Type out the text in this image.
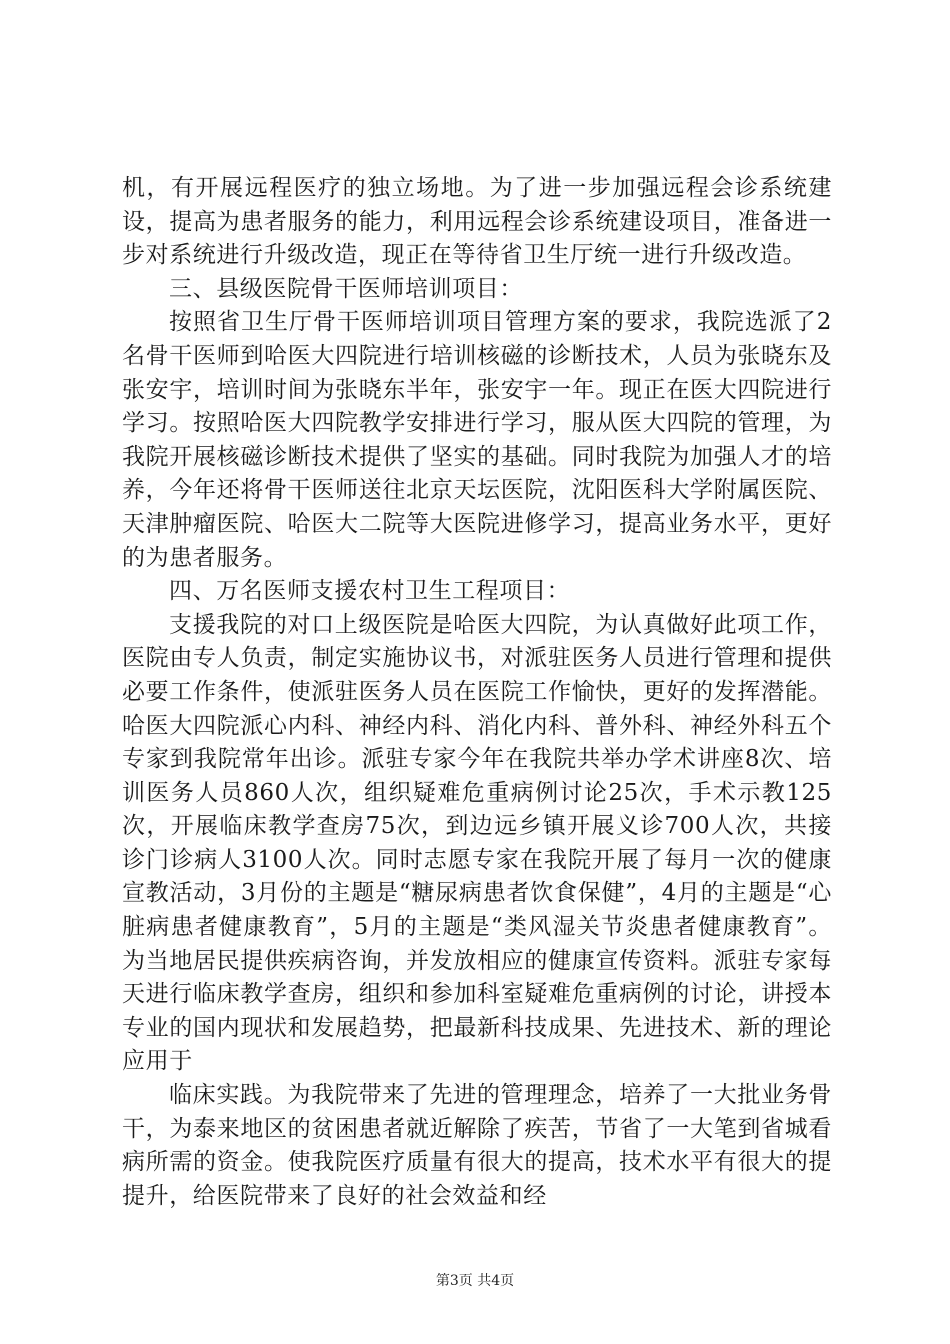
机，有开展远程医疗的独立场地。为了进一步加强远程会诊系统建设，提高为患者服务的能力，利用远程会诊系统建设项目，准备进一步对系统进行升级改造，现正在等待省卫生厅统一进行升级改造。

三、县级医院骨干医师培训项目：

按照省卫生厅骨干医师培训项目管理方案的要求，我院选派了2名骨干医师到哈医大四院进行培训核磁的诊断技术，人员为张晓东及张安宇，培训时间为张晓东半年，张安宇一年。现正在医大四院进行学习。按照哈医大四院教学安排进行学习，服从医大四院的管理，为我院开展核磁诊断技术提供了坚实的基础。同时我院为加强人才的培养，今年还将骨干医师送往北京天坛医院，沈阳医科大学附属医院、天津肿瘤医院、哈医大二院等大医院进修学习，提高业务水平，更好的为患者服务。

四、万名医师支援农村卫生工程项目：

支援我院的对口上级医院是哈医大四院，为认真做好此项工作，医院由专人负责，制定实施协议书，对派驻医务人员进行管理和提供必要工作条件，使派驻医务人员在医院工作愉快，更好的发挥潜能。哈医大四院派心内科、神经内科、消化内科、普外科、神经外科五个专家到我院常年出诊。派驻专家今年在我院共举办学术讲座8次、培训医务人员860人次，组织疑难危重病例讨论25次，手术示教125次，开展临床教学查房75次，到边远乡镇开展义诊700人次，共接诊门诊病人3100人次。同时志愿专家在我院开展了每月一次的健康宣教活动，3月份的主题是“糖尿病患者饮食保健”，4月的主题是“心脏病患者健康教育”，5月的主题是“类风湿关节炎患者健康教育”。为当地居民提供疾病咨询，并发放相应的健康宣传资料。派驻专家每天进行临床教学查房，组织和参加科室疑难危重病例的讨论，讲授本专业的国内现状和发展趋势，把最新科技成果、先进技术、新的理论应用于

临床实践。为我院带来了先进的管理理念，培养了一大批业务骨干，为泰来地区的贫困患者就近解除了疾苦，节省了一大笔到省城看病所需的资金。使我院医疗质量有很大的提高，技术水平有很大的提提升，给医院带来了良好的社会效益和经

第3页 共4页
